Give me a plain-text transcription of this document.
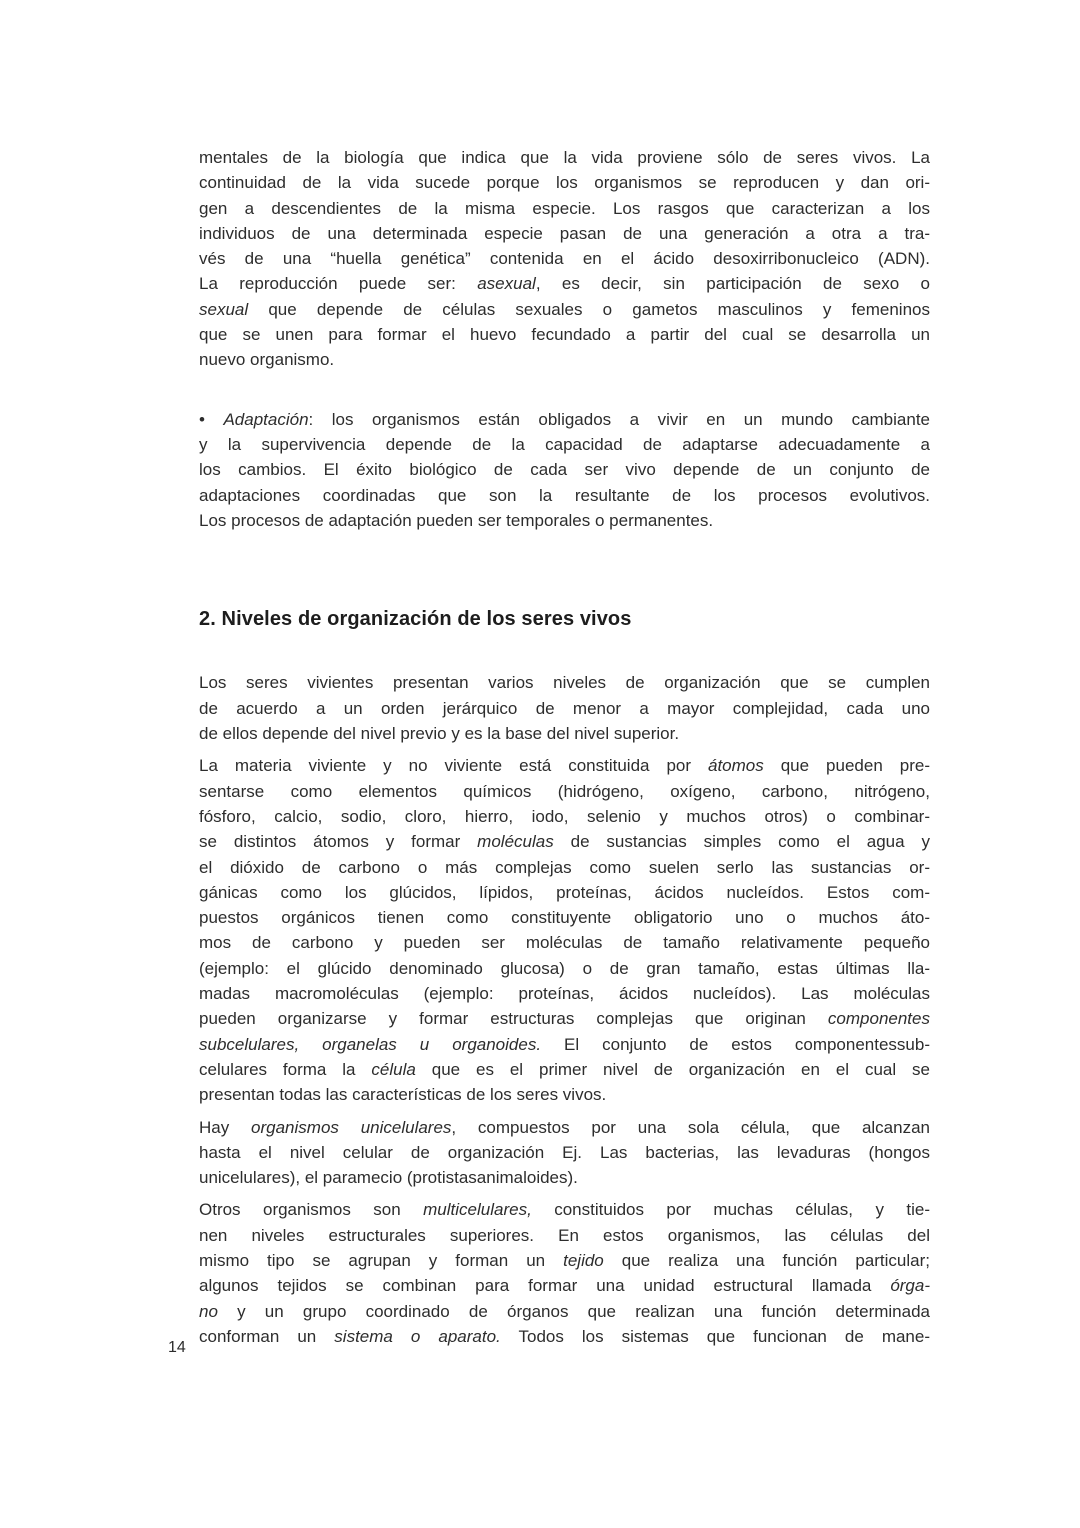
mentales de la biología que indica que la vida proviene sólo de seres vivos. La
continuidad de la vida sucede porque los organismos se reproducen y dan ori-
gen a descendientes de la misma especie. Los rasgos que caracterizan a los
individuos de una determinada especie pasan de una generación a otra a tra-
vés de una “huella genética” contenida en el ácido desoxirribonucleico (ADN).
La reproducción puede ser: asexual, es decir, sin participación de sexo o
sexual que depende de células sexuales o gametos masculinos y femeninos
que se unen para formar el huevo fecundado a partir del cual se desarrolla un
nuevo organismo.

• Adaptación: los organismos están obligados a vivir en un mundo cambiante
y la supervivencia depende de la capacidad de adaptarse adecuadamente a
los cambios. El éxito biológico de cada ser vivo depende de un conjunto de
adaptaciones coordinadas que son la resultante de los procesos evolutivos.
Los procesos de adaptación pueden ser temporales o permanentes.

2. Niveles de organización de los seres vivos

Los seres vivientes presentan varios niveles de organización que se cumplen
de acuerdo a un orden jerárquico de menor a mayor complejidad, cada uno
de ellos depende del nivel previo y es la base del nivel superior.

La materia viviente y no viviente está constituida por átomos que pueden pre-
sentarse como elementos químicos (hidrógeno, oxígeno, carbono, nitrógeno,
fósforo, calcio, sodio, cloro, hierro, iodo, selenio y muchos otros) o combinar-
se distintos átomos y formar moléculas de sustancias simples como el agua y
el dióxido de carbono o más complejas como suelen serlo las sustancias or-
gánicas como los glúcidos, lípidos, proteínas, ácidos nucleídos. Estos com-
puestos orgánicos tienen como constituyente obligatorio uno o muchos áto-
mos de carbono y pueden ser moléculas de tamaño relativamente pequeño
(ejemplo: el glúcido denominado glucosa) o de gran tamaño, estas últimas lla-
madas macromoléculas (ejemplo: proteínas, ácidos nucleídos). Las moléculas
pueden organizarse y formar estructuras complejas que originan componentes
subcelulares, organelas u organoides. El conjunto de estos componentessub-
celulares forma la célula que es el primer nivel de organización en el cual se
presentan todas las características de los seres vivos.

Hay organismos unicelulares, compuestos por una sola célula, que alcanzan
hasta el nivel celular de organización Ej. Las bacterias, las levaduras (hongos
unicelulares), el paramecio (protistasanimaloides).

Otros organismos son multicelulares, constituidos por muchas células, y tie-
nen niveles estructurales superiores. En estos organismos, las células del
mismo tipo se agrupan y forman un tejido que realiza una función particular;
algunos tejidos se combinan para formar una unidad estructural llamada órga-
no y un grupo coordinado de órganos que realizan una función determinada
conforman un sistema o aparato. Todos los sistemas que funcionan de mane-

14
